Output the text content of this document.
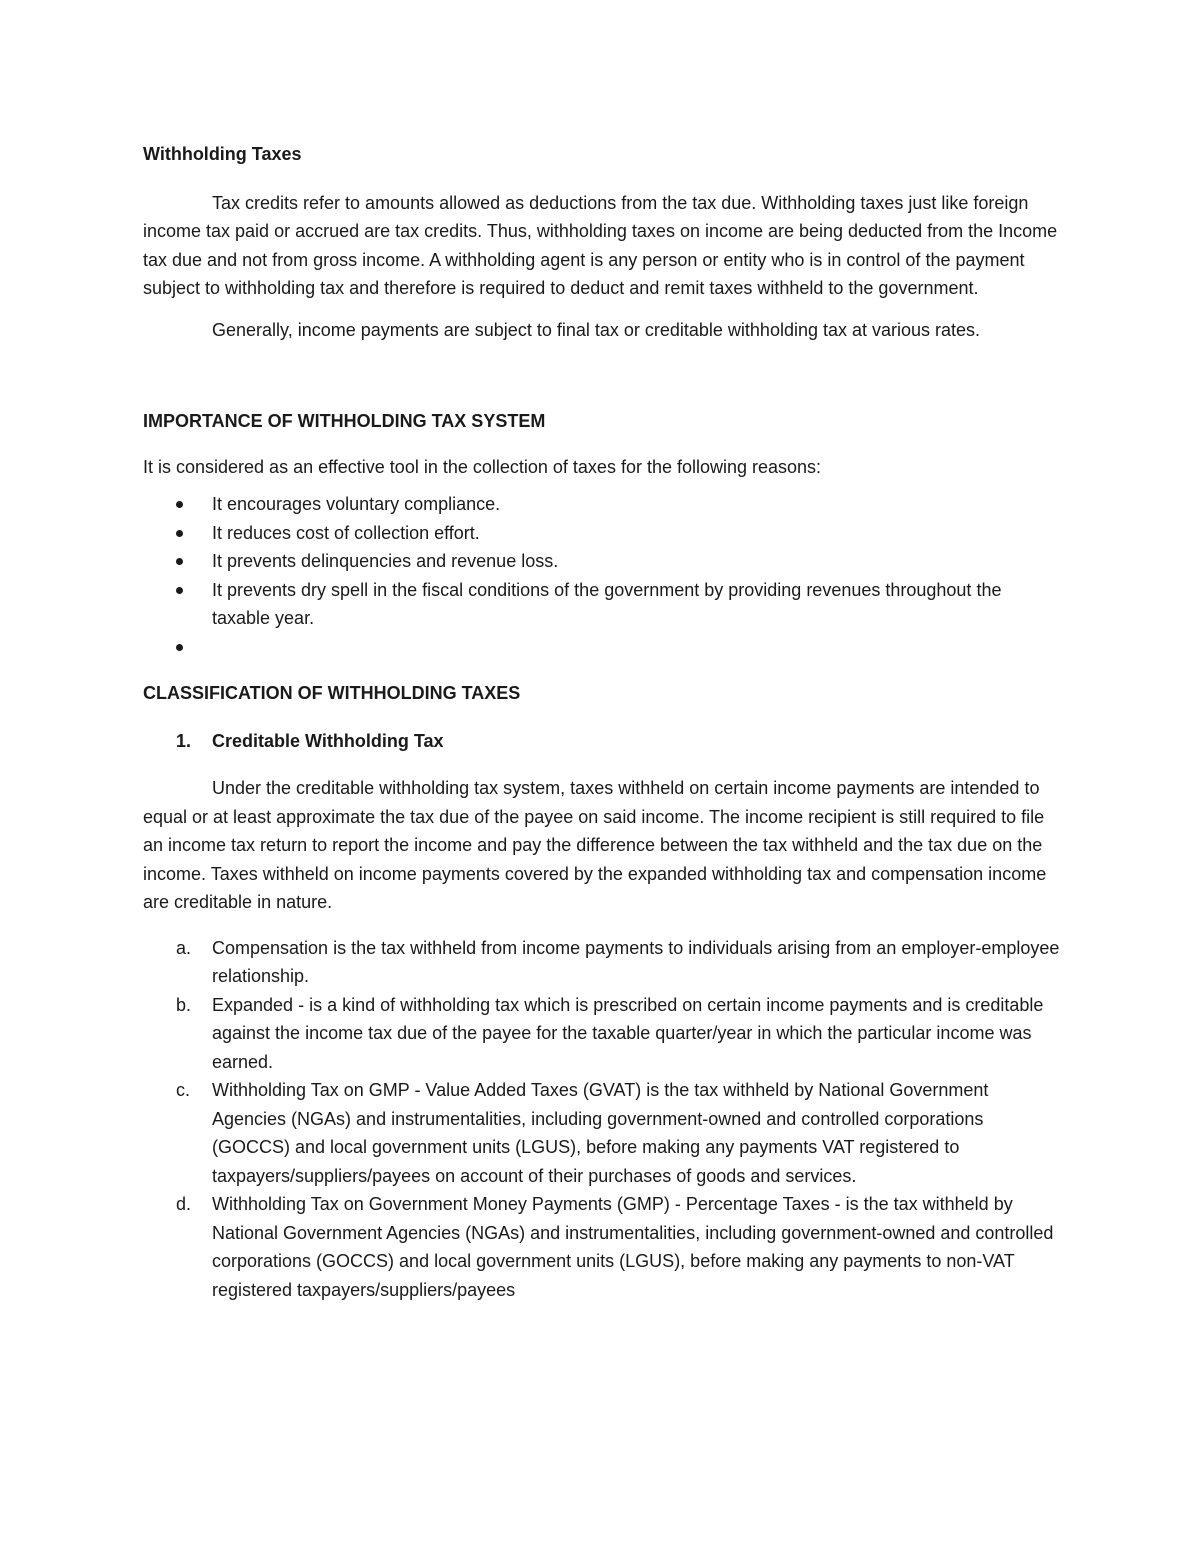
Withholding Taxes

Tax credits refer to amounts allowed as deductions from the tax due. Withholding taxes just like foreign income tax paid or accrued are tax credits. Thus, withholding taxes on income are being deducted from the Income tax due and not from gross income. A withholding agent is any person or entity who is in control of the payment subject to withholding tax and therefore is required to deduct and remit taxes withheld to the government.

Generally, income payments are subject to final tax or creditable withholding tax at various rates.

IMPORTANCE OF WITHHOLDING TAX SYSTEM

It is considered as an effective tool in the collection of taxes for the following reasons:

It encourages voluntary compliance.
It reduces cost of collection effort.
It prevents delinquencies and revenue loss.
It prevents dry spell in the fiscal conditions of the government by providing revenues throughout the taxable year.

CLASSIFICATION OF WITHHOLDING TAXES

1. Creditable Withholding Tax

Under the creditable withholding tax system, taxes withheld on certain income payments are intended to equal or at least approximate the tax due of the payee on said income. The income recipient is still required to file an income tax return to report the income and pay the difference between the tax withheld and the tax due on the income. Taxes withheld on income payments covered by the expanded withholding tax and compensation income are creditable in nature.

a. Compensation is the tax withheld from income payments to individuals arising from an employer-employee relationship.
b. Expanded - is a kind of withholding tax which is prescribed on certain income payments and is creditable against the income tax due of the payee for the taxable quarter/year in which the particular income was earned.
c. Withholding Tax on GMP - Value Added Taxes (GVAT) is the tax withheld by National Government Agencies (NGAs) and instrumentalities, including government-owned and controlled corporations (GOCCS) and local government units (LGUS), before making any payments VAT registered to taxpayers/suppliers/payees on account of their purchases of goods and services.
d. Withholding Tax on Government Money Payments (GMP) - Percentage Taxes - is the tax withheld by National Government Agencies (NGAs) and instrumentalities, including government-owned and controlled corporations (GOCCS) and local government units (LGUS), before making any payments to non-VAT registered taxpayers/suppliers/payees
